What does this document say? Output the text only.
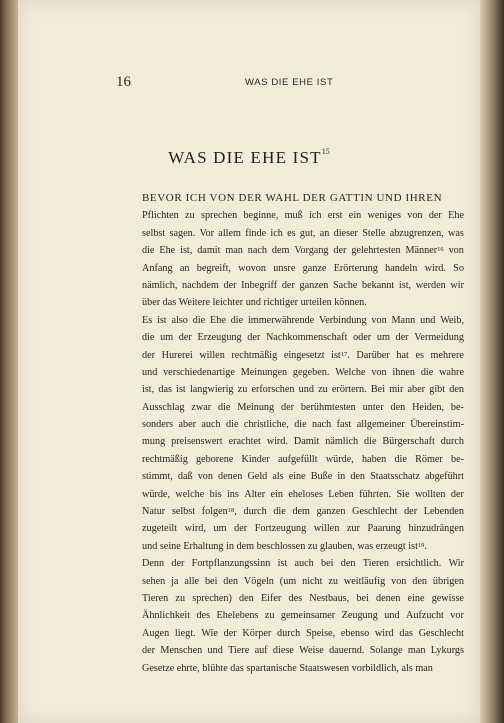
16	WAS DIE EHE IST
WAS DIE EHE IST$^{15}$
BEVOR ICH VON DER WAHL DER GATTIN UND IHREN
Pflichten zu sprechen beginne, muß ich erst ein weniges von der Ehe
selbst sagen. Vor allem finde ich es gut, an dieser Stelle abzugrenzen, was
die Ehe ist, damit man nach dem Vorgang der gelehrtesten Männer$^{16}$ von
Anfang an begreift, wovon unsre ganze Erörterung handeln wird. So
nämlich, nachdem der Inbegriff der ganzen Sache bekannt ist, werden wir
über das Weitere leichter und richtiger urteilen können.
Es ist also die Ehe die immerwährende Verbindung von Mann und Weib,
die um der Erzeugung der Nachkommenschaft oder um der Vermeidung
der Hurerei willen rechtmäßig eingesetzt ist$^{17}$. Darüber hat es mehrere
und verschiedenartige Meinungen gegeben. Welche von ihnen die wahre
ist, das ist langwierig zu erforschen und zu erörtern. Bei mir aber gibt den
Ausschlag zwar die Meinung der berühmtesten unter den Heiden, be-
sonders aber auch die christliche, die nach fast allgemeiner Übereinstim-
mung preisenswert erachtet wird. Damit nämlich die Bürgerschaft durch
rechtmäßig geborene Kinder aufgefüllt würde, haben die Römer be-
stimmt, daß von denen Geld als eine Buße in den Staatsschatz abgeführt
würde, welche bis ins Alter ein eheloses Leben führten. Sie wollten der
Natur selbst folgen$^{18}$, durch die dem ganzen Geschlecht der Lebenden
zugeteilt wird, um der Fortzeugung willen zur Paarung hinzudrängen
und seine Erhaltung in dem beschlossen zu glauben, was erzeugt ist$^{19}$.
Denn der Fortpflanzungssinn ist auch bei den Tieren ersichtlich. Wir
sehen ja alle bei den Vögeln (um nicht zu weitläufig von den übrigen
Tieren zu sprechen) den Eifer des Nestbaus, bei denen eine gewisse
Ähnlichkeit des Ehelebens zu gemeinsamer Zeugung und Aufzucht vor
Augen liegt. Wie der Körper durch Speise, ebenso wird das Geschlecht
der Menschen und Tiere auf diese Weise dauernd. Solange man Lykurgs
Gesetze ehrte, blühte das spartanische Staatswesen vorbildlich, als man
